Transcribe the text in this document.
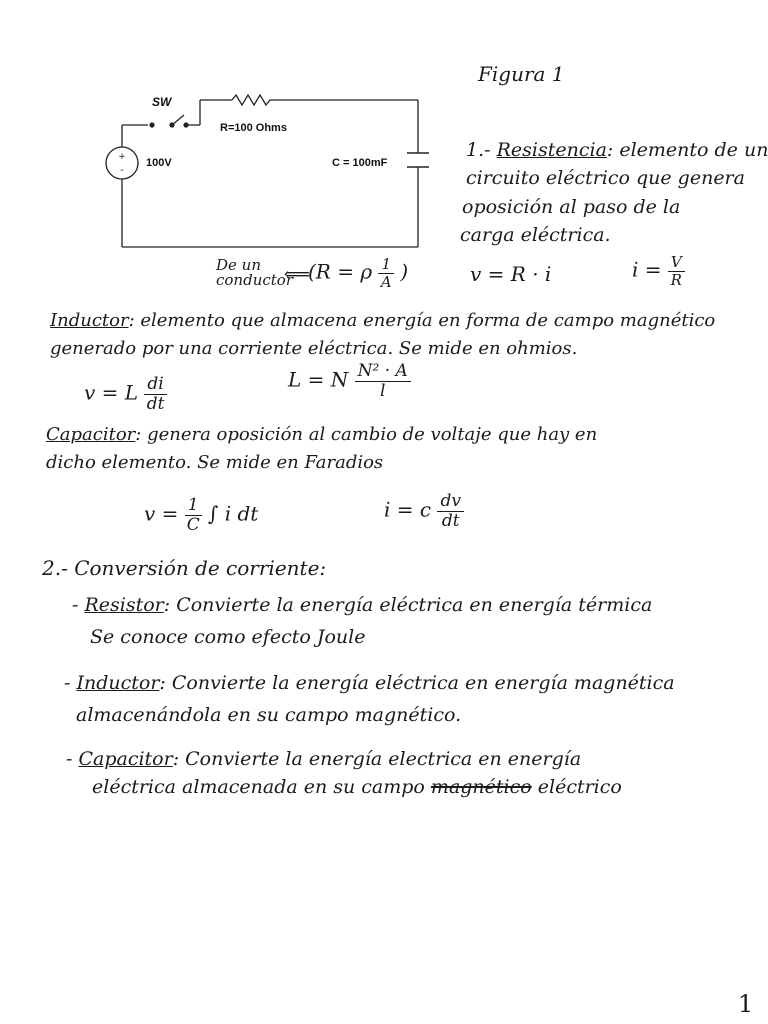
Figura 1
+
-
SW
R=100 Ohms
100V	C = 100mF
1.- Resistencia: elemento de un
circuito eléctrico que genera
oposición al paso de la
carga eléctrica.
De un
conductor
⟸
(R = ρ $\frac{1}{A}$ )	v = R · i	$i = \frac{V}{R}$
Inductor: elemento que almacena energía en forma de campo magnético
generado por una corriente eléctrica. Se mide en ohmios.
v = L $\frac{di}{dt}$	L = N $\frac{\text{N² · A}}{l}$
Capacitor: genera oposición al cambio de voltaje que hay en
dicho elemento. Se mide en Faradios
$v = \frac{1}{C}$ ∫ i dt	i = c $\frac{dv}{dt}$
2.- Conversión de corriente:
- Resistor: Convierte la energía eléctrica en energía térmica
Se conoce como efecto Joule
- Inductor: Convierte la energía eléctrica en energía magnética
almacenándola en su campo magnético.
- Capacitor: Convierte la energía electrica en energía
eléctrica almacenada en su campo magnético eléctrico
1
